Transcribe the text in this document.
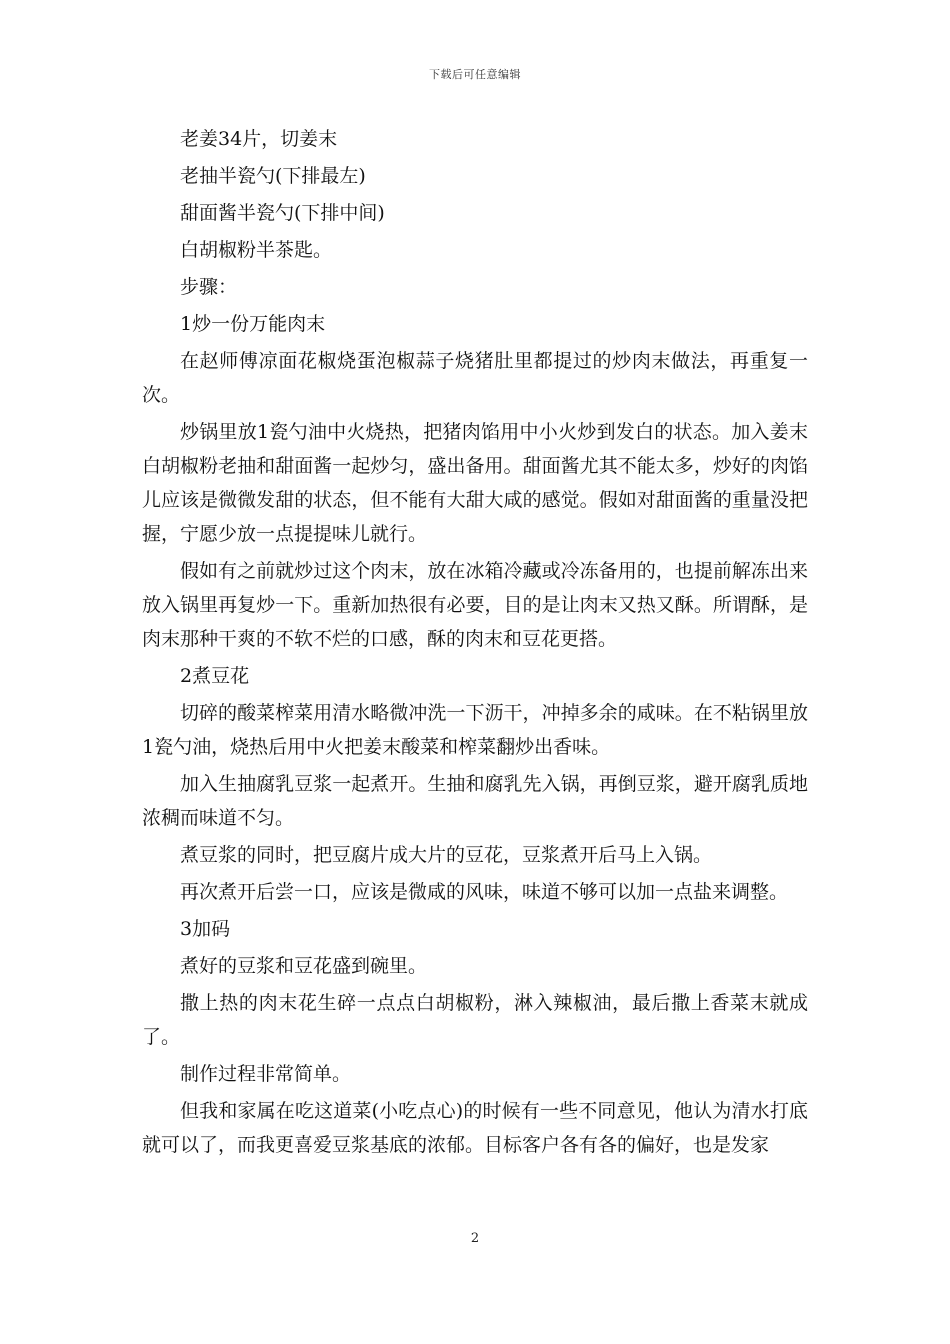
下载后可任意编辑

老姜34片，切姜末

老抽半瓷勺(下排最左)

甜面酱半瓷勺(下排中间)

白胡椒粉半茶匙。

步骤：

1炒一份万能肉末

在赵师傅凉面花椒烧蛋泡椒蒜子烧猪肚里都提过的炒肉末做法，再重复一次。

炒锅里放1瓷勺油中火烧热，把猪肉馅用中小火炒到发白的状态。加入姜末白胡椒粉老抽和甜面酱一起炒匀，盛出备用。甜面酱尤其不能太多，炒好的肉馅儿应该是微微发甜的状态，但不能有大甜大咸的感觉。假如对甜面酱的重量没把握，宁愿少放一点提提味儿就行。

假如有之前就炒过这个肉末，放在冰箱冷藏或冷冻备用的，也提前解冻出来放入锅里再复炒一下。重新加热很有必要，目的是让肉末又热又酥。所谓酥，是肉末那种干爽的不软不烂的口感，酥的肉末和豆花更搭。

2煮豆花

切碎的酸菜榨菜用清水略微冲洗一下沥干，冲掉多余的咸味。在不粘锅里放1瓷勺油，烧热后用中火把姜末酸菜和榨菜翻炒出香味。

加入生抽腐乳豆浆一起煮开。生抽和腐乳先入锅，再倒豆浆，避开腐乳质地浓稠而味道不匀。

煮豆浆的同时，把豆腐片成大片的豆花，豆浆煮开后马上入锅。

再次煮开后尝一口，应该是微咸的风味，味道不够可以加一点盐来调整。

3加码

煮好的豆浆和豆花盛到碗里。

撒上热的肉末花生碎一点点白胡椒粉，淋入辣椒油，最后撒上香菜末就成了。

制作过程非常简单。

但我和家属在吃这道菜(小吃点心)的时候有一些不同意见，他认为清水打底就可以了，而我更喜爱豆浆基底的浓郁。目标客户各有各的偏好，也是发家

2
